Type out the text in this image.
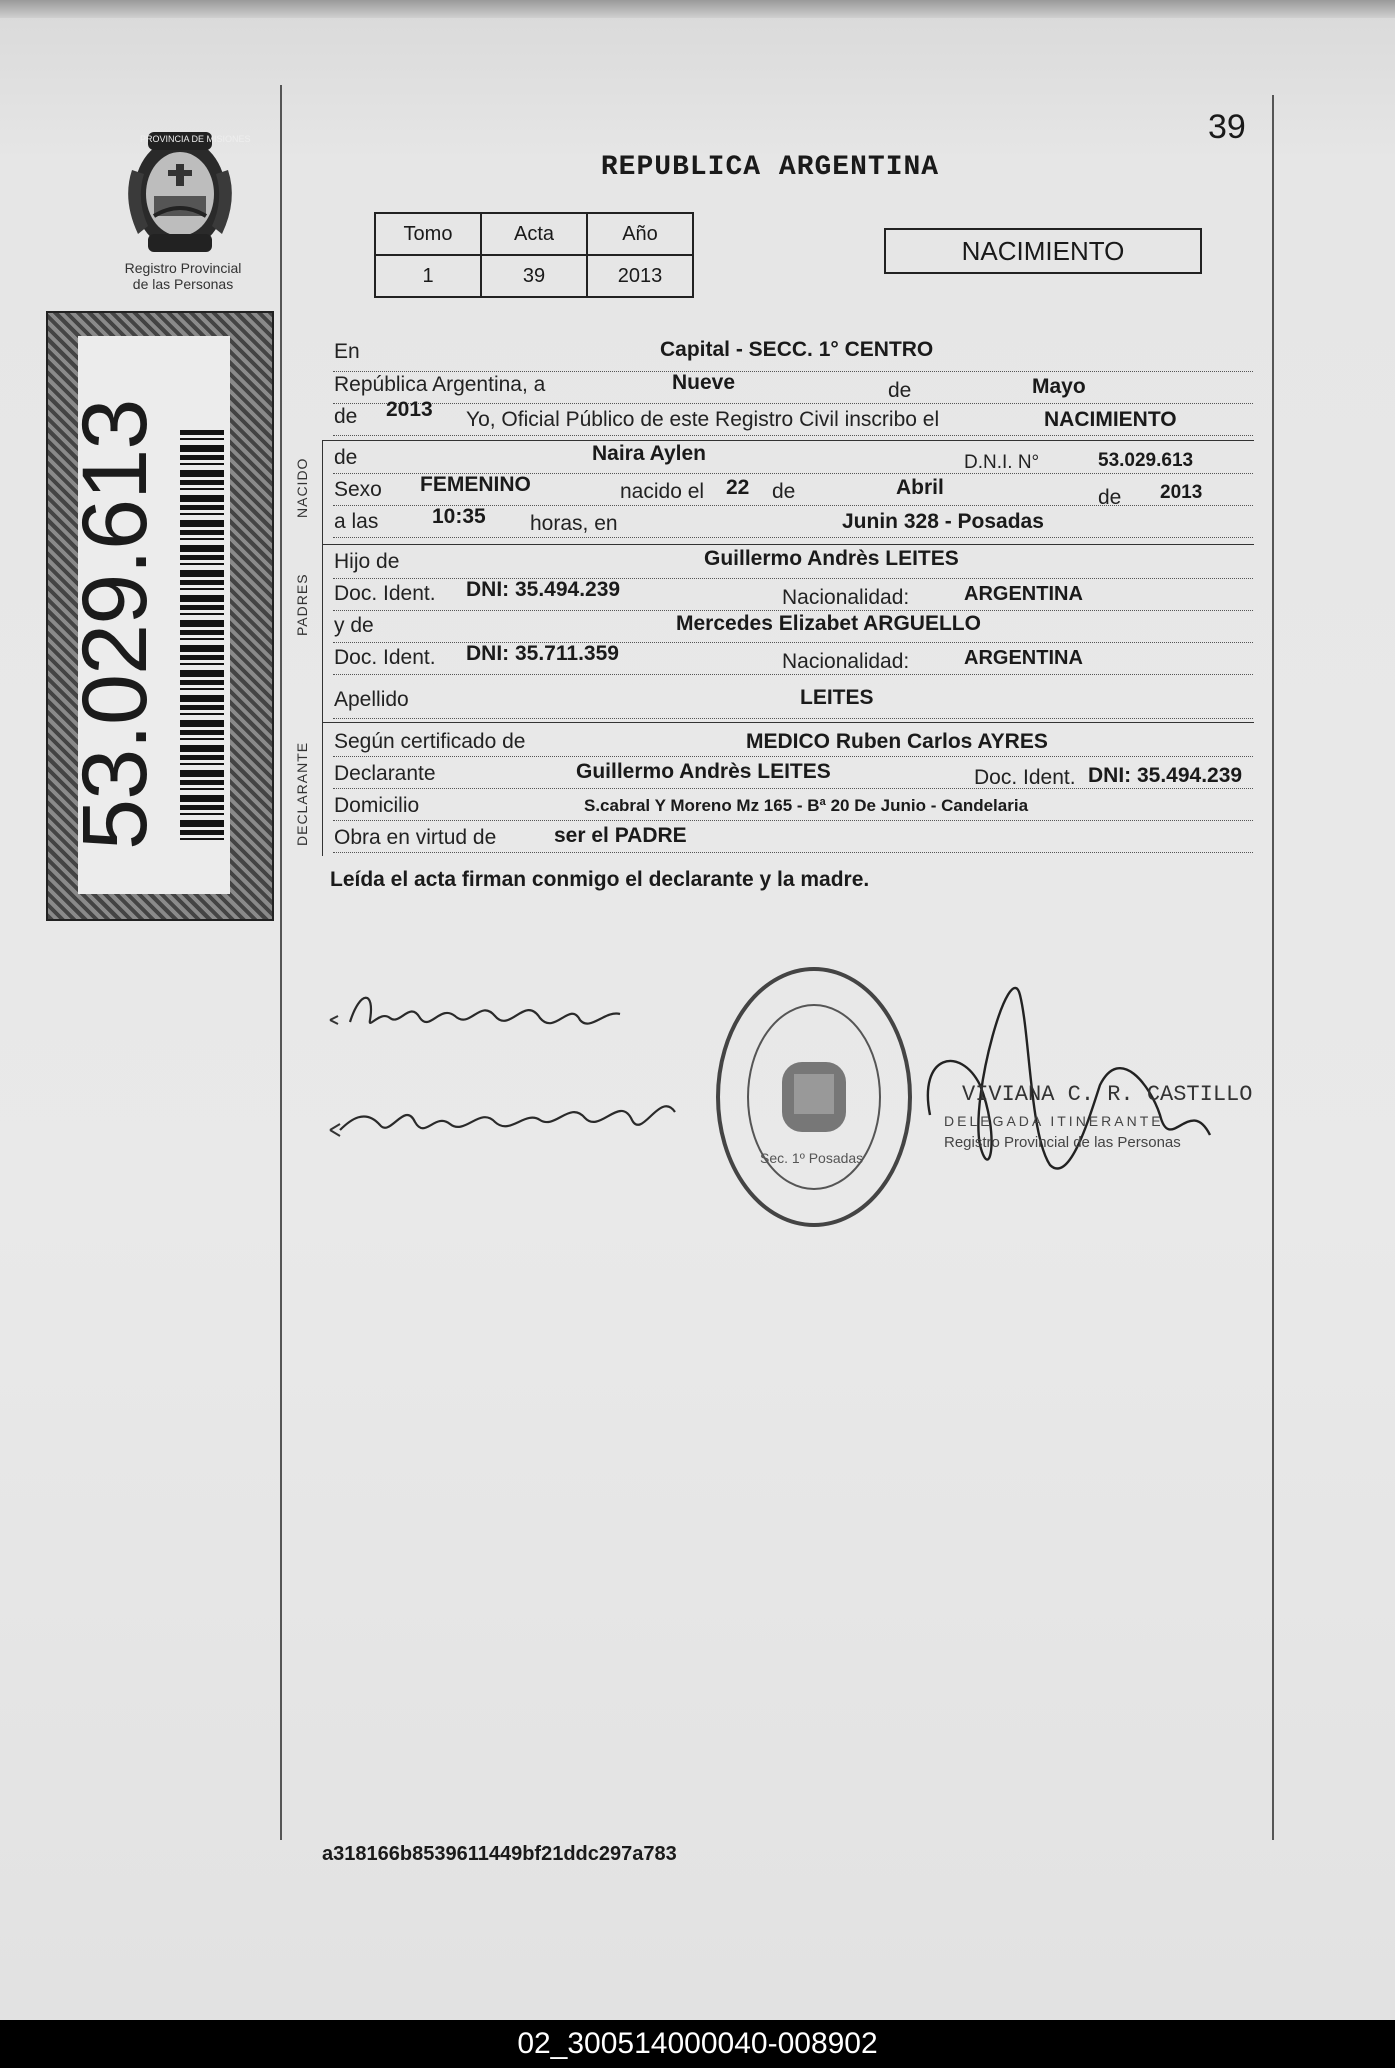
PROVINCIA DE MISIONES
Registro Provincial
de las Personas
53.029.613
39
REPUBLICA ARGENTINA
Tomo	Acta	Año
1	39	2013
NACIMIENTO
NACIDO
PADRES
DECLARANTE
En	Capital - SECC. 1° CENTRO
República Argentina, a	Nueve	de	Mayo
de 2013 Yo, Oficial Público de este Registro Civil inscribo el	NACIMIENTO
de	Naira Aylen	D.N.I. N°	53.029.613
Sexo FEMENINO	nacido el 22 de	Abril	de 2013
a las	10:35 horas, en	Junin 328 - Posadas
Hijo de	Guillermo Andrès LEITES
Doc. Ident. DNI: 35.494.239	Nacionalidad:	ARGENTINA
y de	Mercedes Elizabet ARGUELLO
Doc. Ident. DNI: 35.711.359	Nacionalidad:	ARGENTINA
Apellido	LEITES
Según certificado de	MEDICO Ruben Carlos AYRES
Declarante	Guillermo Andrès LEITES	Doc. Ident. DNI: 35.494.239
Domicilio	S.cabral Y Moreno Mz 165 - Bª 20 De Junio - Candelaria
Obra en virtud de	ser el PADRE
Leída el acta firman conmigo el declarante y la madre.
Sec. 1º Posadas
VIVIANA C. R. CASTILLO
DELEGADA ITINERANTE
Registro Provincial de las Personas
a318166b8539611449bf21ddc297a783
02_300514000040-008902
